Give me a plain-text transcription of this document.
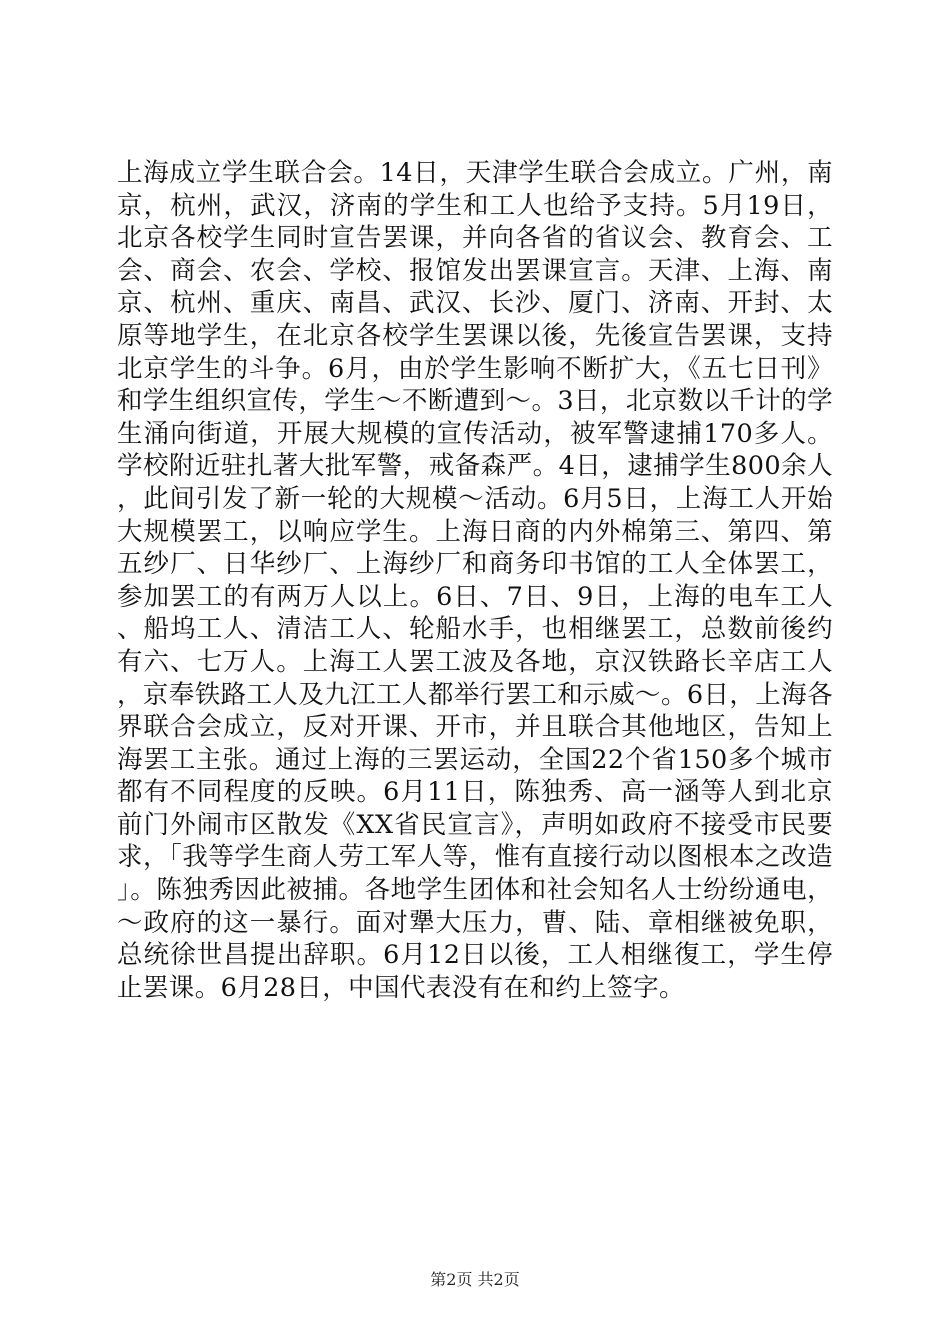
上海成立学生联合会。14日，天津学生联合会成立。广州，南京，杭州，武汉，济南的学生和工人也给予支持。5月19日，北京各校学生同时宣告罢课，并向各省的省议会、教育会、工会、商会、农会、学校、报馆发出罢课宣言。天津、上海、南京、杭州、重庆、南昌、武汉、长沙、厦门、济南、开封、太原等地学生，在北京各校学生罢课以後，先後宣告罢课，支持北京学生的斗争。6月，由於学生影响不断扩大，《五七日刊》和学生组织宣传，学生～不断遭到～。3日，北京数以千计的学生涌向街道，开展大规模的宣传活动，被军警逮捕170多人。学校附近驻扎著大批军警，戒备森严。4日，逮捕学生800余人，此间引发了新一轮的大规模～活动。6月5日，上海工人开始大规模罢工，以响应学生。上海日商的内外棉第三、第四、第五纱厂、日华纱厂、上海纱厂和商务印书馆的工人全体罢工，参加罢工的有两万人以上。6日、7日、9日，上海的电车工人、船坞工人、清洁工人、轮船水手，也相继罢工，总数前後约有六、七万人。上海工人罢工波及各地，京汉铁路长辛店工人，京奉铁路工人及九江工人都举行罢工和示威～。6日，上海各界联合会成立，反对开课、开市，并且联合其他地区，告知上海罢工主张。通过上海的三罢运动，全国22个省150多个城市都有不同程度的反映。6月11日，陈独秀、高一涵等人到北京前门外闹市区散发《XX省民宣言》，声明如政府不接受市民要求，「我等学生商人劳工军人等，惟有直接行动以图根本之改造」。陈独秀因此被捕。各地学生团体和社会知名人士纷纷通电，～政府的这一暴行。面对犟大压力，曹、陆、章相继被免职，总统徐世昌提出辞职。6月12日以後，工人相继復工，学生停止罢课。6月28日，中国代表没有在和约上签字。

第2页 共2页
